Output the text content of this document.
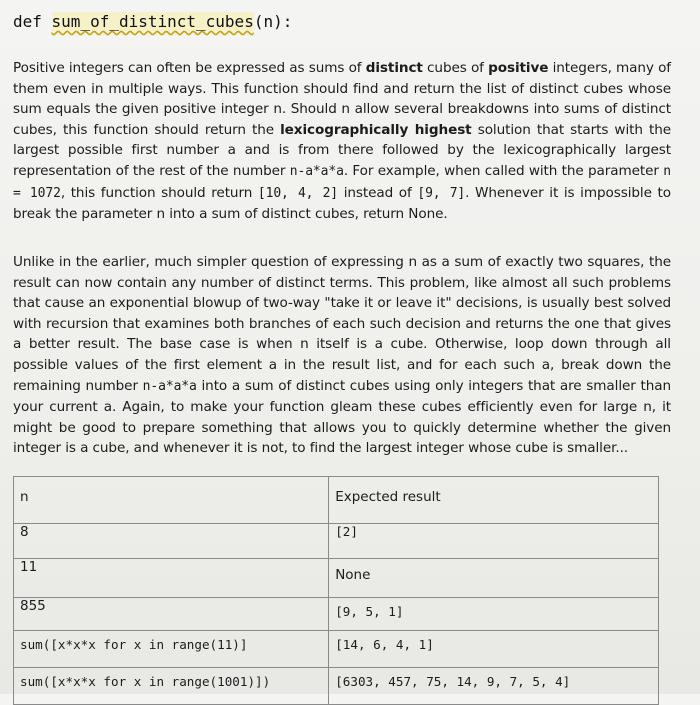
def sum_of_distinct_cubes(n):
Positive integers can often be expressed as sums of distinct cubes of positive integers, many of them even in multiple ways. This function should find and return the list of distinct cubes whose sum equals the given positive integer n. Should n allow several breakdowns into sums of distinct cubes, this function should return the lexicographically highest solution that starts with the largest possible first number a and is from there followed by the lexicographically largest representation of the rest of the number n-a*a*a. For example, when called with the parameter n = 1072, this function should return [10, 4, 2] instead of [9, 7]. Whenever it is impossible to break the parameter n into a sum of distinct cubes, return None.
Unlike in the earlier, much simpler question of expressing n as a sum of exactly two squares, the result can now contain any number of distinct terms. This problem, like almost all such problems that cause an exponential blowup of two-way "take it or leave it" decisions, is usually best solved with recursion that examines both branches of each such decision and returns the one that gives a better result. The base case is when n itself is a cube. Otherwise, loop down through all possible values of the first element a in the result list, and for each such a, break down the remaining number n-a*a*a into a sum of distinct cubes using only integers that are smaller than your current a. Again, to make your function gleam these cubes efficiently even for large n, it might be good to prepare something that allows you to quickly determine whether the given integer is a cube, and whenever it is not, to find the largest integer whose cube is smaller...
n	Expected result
8	[2]
11	None
855	[9, 5, 1]
sum([x*x*x for x in range(11)]	[14, 6, 4, 1]
sum([x*x*x for x in range(1001)])	[6303, 457, 75, 14, 9, 7, 5, 4]
